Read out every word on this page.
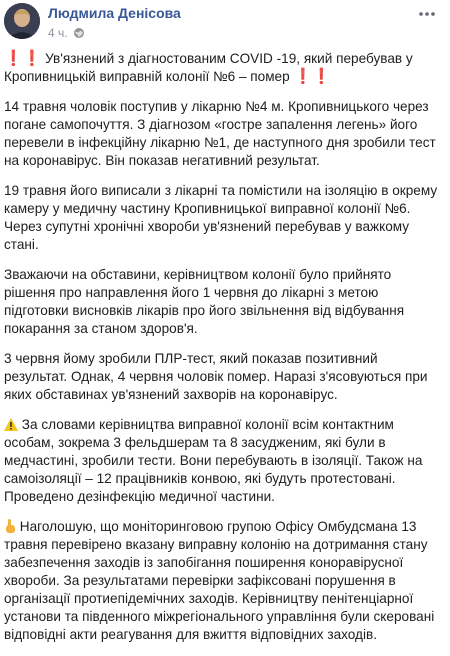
Людмила Денісова
4 ч.

❗❗ Ув'язнений з діагностованим COVID -19, який перебував у Кропивницькій виправній колонії №6 – помер ❗❗

14 травня чоловік поступив у лікарню №4 м. Кропивницького через погане самопочуття. З діагнозом «гостре запалення легень» його перевели в інфекційну лікарню №1, де наступного дня зробили тест на коронавірус. Він показав негативний результат.

19 травня його виписали з лікарні та помістили на ізоляцію в окрему камеру у медичну частину Кропивницької виправної колонії №6. Через супутні хронічні хвороби ув'язнений перебував у важкому стані.

Зважаючи на обставини, керівництвом колонії було прийнято рішення про направлення його 1 червня до лікарні з метою підготовки висновків лікарів про його звільнення від відбування покарання за станом здоров'я.

3 червня йому зробили ПЛР-тест, який показав позитивний результат. Однак, 4 червня чоловік помер. Наразі з'ясовуються при яких обставинах ув'язнений захворів на коронавірус.

За словами керівництва виправної колонії всім контактним особам, зокрема 3 фельдшерам та 8 засудженим, які були в медчастині, зробили тести. Вони перебувають в ізоляції. Також на самоізоляції – 12 працівників конвою, які будуть протестовані. Проведено дезінфекцію медичної частини.

Наголошую, що моніторинговою групою Офісу Омбудсмана 13 травня перевірено вказану виправну колонію на дотримання стану забезпечення заходів із запобігання поширення коноравірусної хвороби. За результатами перевірки зафіксовані порушення в організації протиепідемічних заходів. Керівництву пенітенціарної установи та південного міжрегіонального управління були скеровані відповідні акти реагування для вжиття відповідних заходів.
